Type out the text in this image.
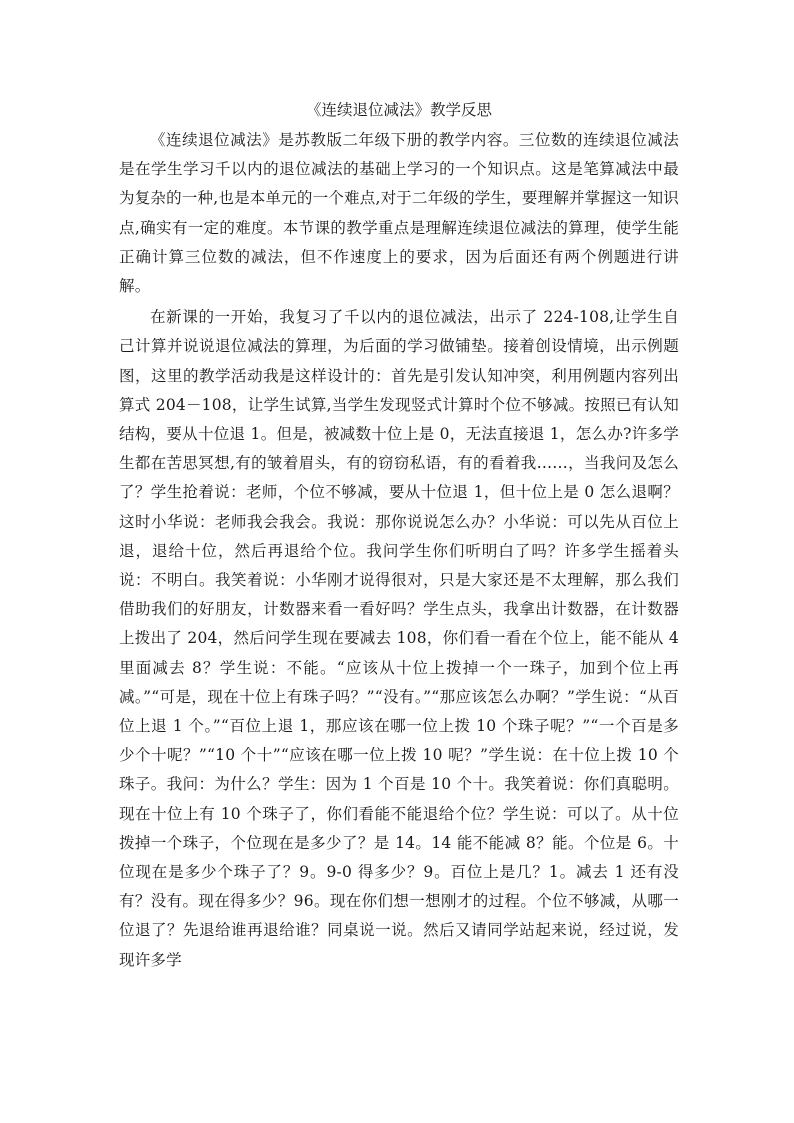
《连续退位减法》教学反思

《连续退位减法》是苏教版二年级下册的教学内容。三位数的连续退位减法是在学生学习千以内的退位减法的基础上学习的一个知识点。这是笔算减法中最为复杂的一种,也是本单元的一个难点,对于二年级的学生，要理解并掌握这一知识点,确实有一定的难度。本节课的教学重点是理解连续退位减法的算理，使学生能正确计算三位数的减法，但不作速度上的要求，因为后面还有两个例题进行讲解。

在新课的一开始，我复习了千以内的退位减法，出示了 224-108,让学生自己计算并说说退位减法的算理，为后面的学习做铺垫。接着创设情境，出示例题图，这里的教学活动我是这样设计的：首先是引发认知冲突，利用例题内容列出算式 204－108，让学生试算,当学生发现竖式计算时个位不够减。按照已有认知结构，要从十位退 1。但是，被减数十位上是 0，无法直接退 1，怎么办?许多学生都在苦思冥想,有的皱着眉头，有的窃窃私语，有的看着我……，当我问及怎么了？学生抢着说：老师，个位不够减，要从十位退 1，但十位上是 0 怎么退啊？这时小华说：老师我会我会。我说：那你说说怎么办？小华说：可以先从百位上退，退给十位，然后再退给个位。我问学生你们听明白了吗？许多学生摇着头说：不明白。我笑着说：小华刚才说得很对，只是大家还是不太理解，那么我们借助我们的好朋友，计数器来看一看好吗？学生点头，我拿出计数器，在计数器上拨出了 204，然后问学生现在要减去 108，你们看一看在个位上，能不能从 4 里面减去 8？学生说：不能。“应该从十位上拨掉一个一珠子，加到个位上再减。”“可是，现在十位上有珠子吗？”“没有。”“那应该怎么办啊？”学生说：“从百位上退 1 个。”“百位上退 1，那应该在哪一位上拨 10 个珠子呢？”“一个百是多少个十呢？”“10 个十”“应该在哪一位上拨 10 呢？”学生说：在十位上拨 10 个珠子。我问：为什么？学生：因为 1 个百是 10 个十。我笑着说：你们真聪明。现在十位上有 10 个珠子了，你们看能不能退给个位？学生说：可以了。从十位拨掉一个珠子，个位现在是多少了？是 14。14 能不能减 8？能。个位是 6。十位现在是多少个珠子了？9。9-0 得多少？9。百位上是几？1。减去 1 还有没有？没有。现在得多少？96。现在你们想一想刚才的过程。个位不够减，从哪一位退了？先退给谁再退给谁？同桌说一说。然后又请同学站起来说，经过说，发现许多学
